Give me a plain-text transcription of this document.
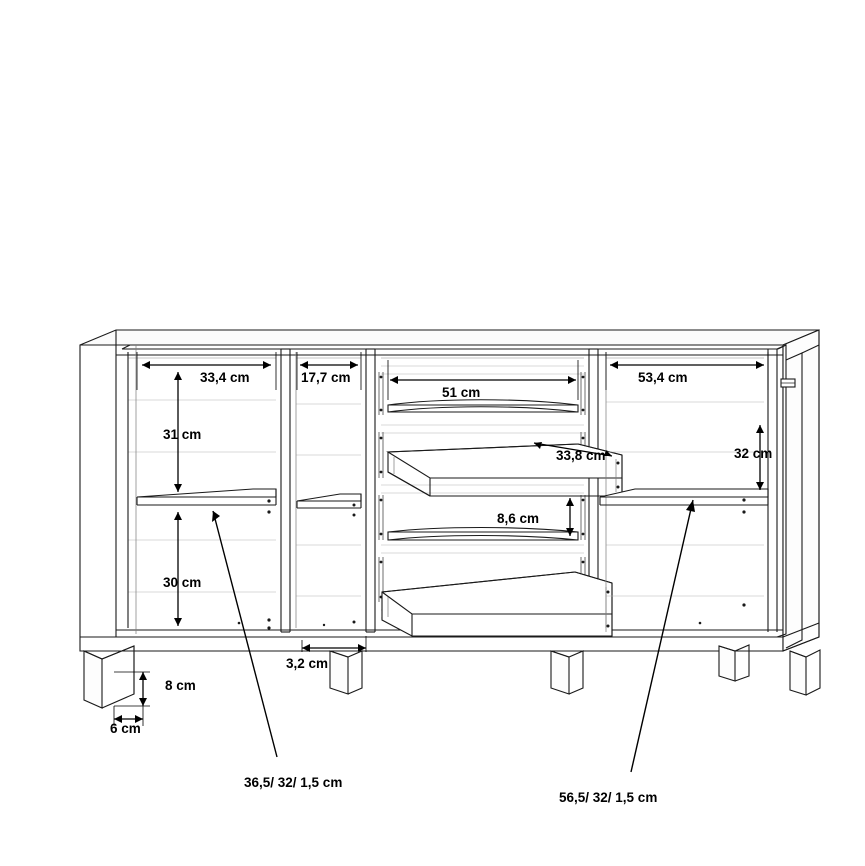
33,4 cm	17,7 cm
51 cm
53,4 cm
31 cm
33,8 cm	32 cm
8,6 cm
30 cm
3,2 cm
8 cm
6 cm
36,5/ 32/ 1,5 cm
56,5/ 32/ 1,5 cm
